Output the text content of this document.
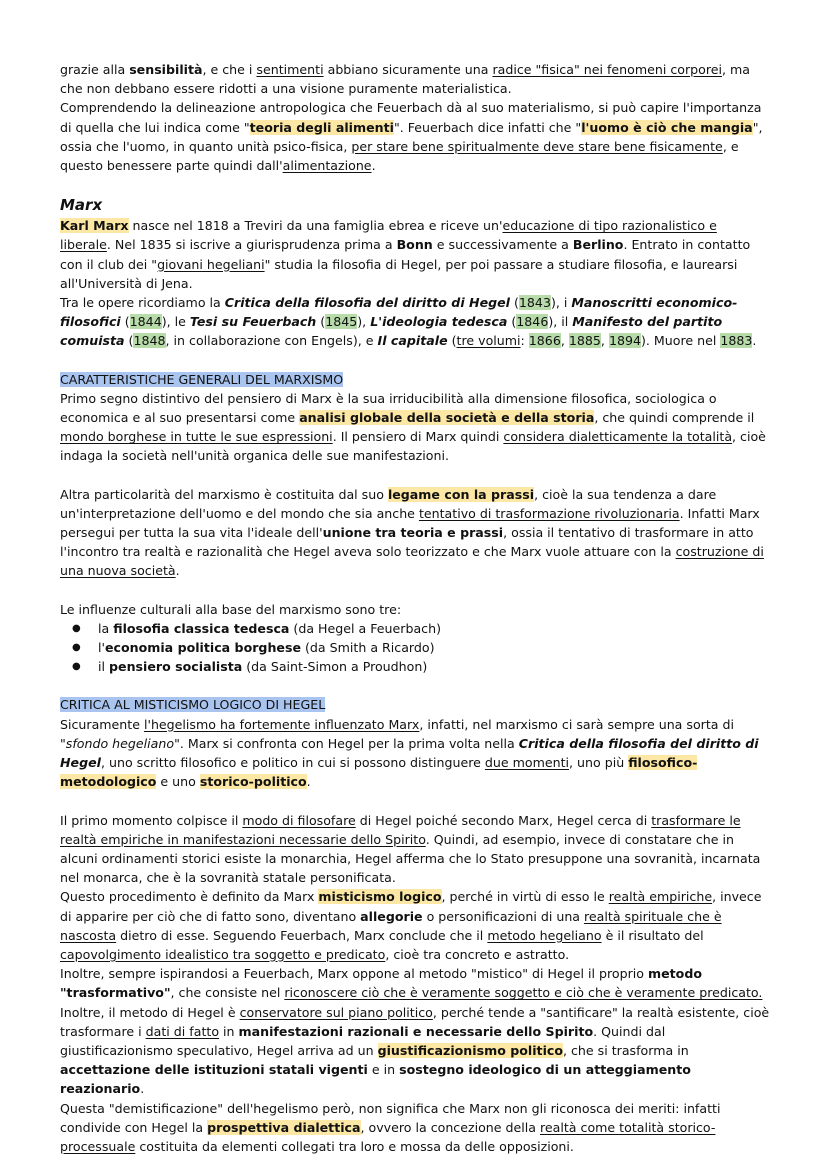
grazie alla sensibilità, e che i sentimenti abbiano sicuramente una radice "fisica" nei fenomeni corporei, ma che non debbano essere ridotti a una visione puramente materialistica.

Comprendendo la delineazione antropologica che Feuerbach dà al suo materialismo, si può capire l'importanza di quella che lui indica come "teoria degli alimenti". Feuerbach dice infatti che "l'uomo è ciò che mangia", ossia che l'uomo, in quanto unità psico-fisica, per stare bene spiritualmente deve stare bene fisicamente, e questo benessere parte quindi dall'alimentazione.

Marx

Karl Marx nasce nel 1818 a Treviri da una famiglia ebrea e riceve un'educazione di tipo razionalistico e liberale. Nel 1835 si iscrive a giurisprudenza prima a Bonn e successivamente a Berlino. Entrato in contatto con il club dei "giovani hegeliani" studia la filosofia di Hegel, per poi passare a studiare filosofia, e laurearsi all'Università di Jena.

Tra le opere ricordiamo la Critica della filosofia del diritto di Hegel (1843), i Manoscritti economico-filosofici (1844), le Tesi su Feuerbach (1845), L'ideologia tedesca (1846), il Manifesto del partito comuista (1848, in collaborazione con Engels), e Il capitale (tre volumi: 1866, 1885, 1894). Muore nel 1883.

CARATTERISTICHE GENERALI DEL MARXISMO

Primo segno distintivo del pensiero di Marx è la sua irriducibilità alla dimensione filosofica, sociologica o economica e al suo presentarsi come analisi globale della società e della storia, che quindi comprende il mondo borghese in tutte le sue espressioni. Il pensiero di Marx quindi considera dialetticamente la totalità, cioè indaga la società nell'unità organica delle sue manifestazioni.

Altra particolarità del marxismo è costituita dal suo legame con la prassi, cioè la sua tendenza a dare un'interpretazione dell'uomo e del mondo che sia anche tentativo di trasformazione rivoluzionaria. Infatti Marx persegui per tutta la sua vita l'ideale dell'unione tra teoria e prassi, ossia il tentativo di trasformare in atto l'incontro tra realtà e razionalità che Hegel aveva solo teorizzato e che Marx vuole attuare con la costruzione di una nuova società.

Le influenze culturali alla base del marxismo sono tre:

● la filosofia classica tedesca (da Hegel a Feuerbach)
● l'economia politica borghese (da Smith a Ricardo)
● il pensiero socialista (da Saint-Simon a Proudhon)

CRITICA AL MISTICISMO LOGICO DI HEGEL

Sicuramente l'hegelismo ha fortemente influenzato Marx, infatti, nel marxismo ci sarà sempre una sorta di "sfondo hegeliano". Marx si confronta con Hegel per la prima volta nella Critica della filosofia del diritto di Hegel, uno scritto filosofico e politico in cui si possono distinguere due momenti, uno più filosofico-metodologico e uno storico-politico.

Il primo momento colpisce il modo di filosofare di Hegel poiché secondo Marx, Hegel cerca di trasformare le realtà empiriche in manifestazioni necessarie dello Spirito. Quindi, ad esempio, invece di constatare che in alcuni ordinamenti storici esiste la monarchia, Hegel afferma che lo Stato presuppone una sovranità, incarnata nel monarca, che è la sovranità statale personificata.

Questo procedimento è definito da Marx misticismo logico, perché in virtù di esso le realtà empiriche, invece di apparire per ciò che di fatto sono, diventano allegorie o personificazioni di una realtà spirituale che è nascosta dietro di esse. Seguendo Feuerbach, Marx conclude che il metodo hegeliano è il risultato del capovolgimento idealistico tra soggetto e predicato, cioè tra concreto e astratto.

Inoltre, sempre ispirandosi a Feuerbach, Marx oppone al metodo "mistico" di Hegel il proprio metodo "trasformativo", che consiste nel riconoscere ciò che è veramente soggetto e ciò che è veramente predicato.

Inoltre, il metodo di Hegel è conservatore sul piano politico, perché tende a "santificare" la realtà esistente, cioè trasformare i dati di fatto in manifestazioni razionali e necessarie dello Spirito. Quindi dal giustificazionismo speculativo, Hegel arriva ad un giustificazionismo politico, che si trasforma in accettazione delle istituzioni statali vigenti e in sostegno ideologico di un atteggiamento reazionario.

Questa "demistificazione" dell'hegelismo però, non significa che Marx non gli riconosca dei meriti: infatti condivide con Hegel la prospettiva dialettica, ovvero la concezione della realtà come totalità storico-processuale costituita da elementi collegati tra loro e mossa da delle opposizioni.
